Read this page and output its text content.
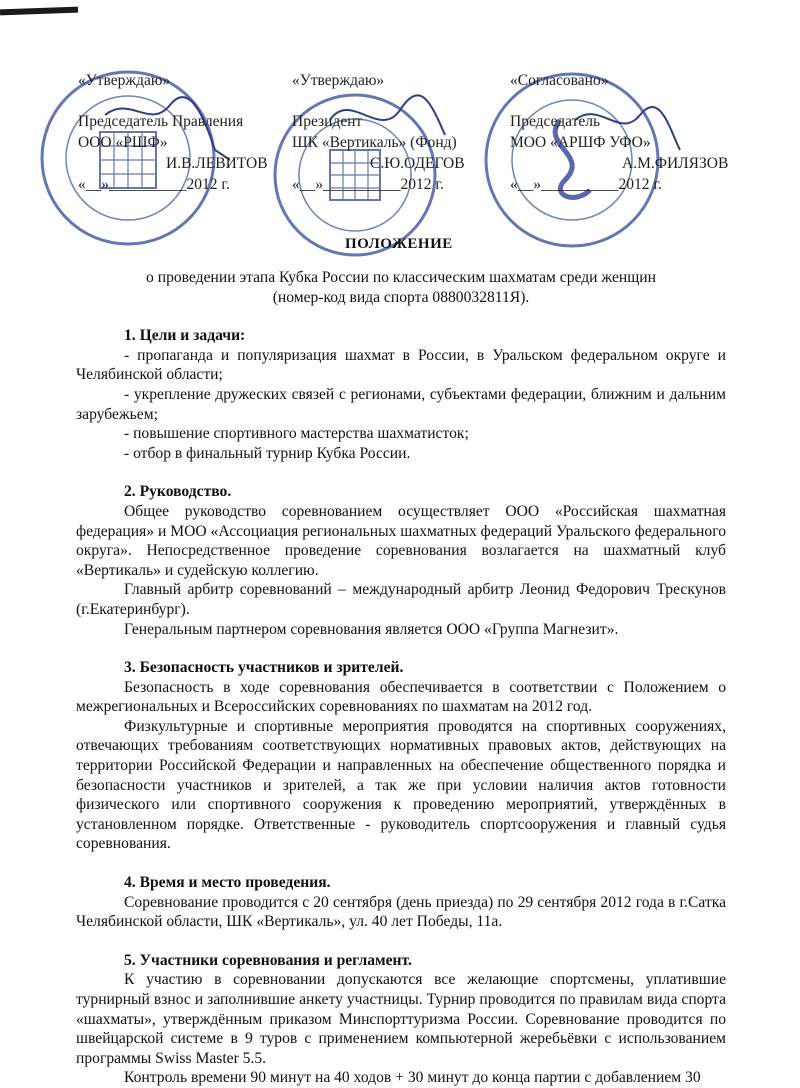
«Утверждаю»
Председатель Правления
ООО «РШФ»
И.В.ЛЕВИТОВ
«__»__________2012 г.
«Утверждаю»
Президент
ШК «Вертикаль» (Фонд)
С.Ю.ОДЕГОВ
«__»__________2012 г.
«Согласовано»
Председатель
МОО «АРШФ УФО»
А.М.ФИЛЯЗОВ
«__»__________2012 г.
ПОЛОЖЕНИЕ

о проведении этапа Кубка России по классическим шахматам среди женщин

(номер-код вида спорта 0880032811Я).

1. Цели и задачи:

- пропаганда и популяризация шахмат в России, в Уральском федеральном округе и Челябинской области;

- укрепление дружеских связей с регионами, субъектами федерации, ближним и дальним зарубежьем;

- повышение спортивного мастерства шахматисток;

- отбор в финальный турнир Кубка России.

2. Руководство.

Общее руководство соревнованием осуществляет ООО «Российская шахматная федерация» и МОО «Ассоциация региональных шахматных федераций Уральского федерального округа». Непосредственное проведение соревнования возлагается на шахматный клуб «Вертикаль» и судейскую коллегию.

Главный арбитр соревнований – международный арбитр Леонид Федорович Трескунов (г.Екатеринбург).

Генеральным партнером соревнования является ООО «Группа Магнезит».

3. Безопасность участников и зрителей.

Безопасность в ходе соревнования обеспечивается в соответствии с Положением о межрегиональных и Всероссийских соревнованиях по шахматам на 2012 год.

Физкультурные и спортивные мероприятия проводятся на спортивных сооружениях, отвечающих требованиям соответствующих нормативных правовых актов, действующих на территории Российской Федерации и направленных на обеспечение общественного порядка и безопасности участников и зрителей, а так же при условии наличия актов готовности физического или спортивного сооружения к проведению мероприятий, утверждённых в установленном порядке. Ответственные - руководитель спортсооружения и главный судья соревнования.

4. Время и место проведения.

Соревнование проводится с 20 сентября (день приезда) по 29 сентября 2012 года в г.Сатка Челябинской области, ШК «Вертикаль», ул. 40 лет Победы, 11а.

5. Участники соревнования и регламент.

К участию в соревновании допускаются все желающие спортсмены, уплатившие турнирный взнос и заполнившие анкету участницы. Турнир проводится по правилам вида спорта «шахматы», утверждённым приказом Минспорттуризма России. Соревнование проводится по швейцарской системе в 9 туров с применением компьютерной жеребьёвки с использованием программы Swiss Master 5.5.

Контроль времени 90 минут на 40 ходов + 30 минут до конца партии с добавлением 30
